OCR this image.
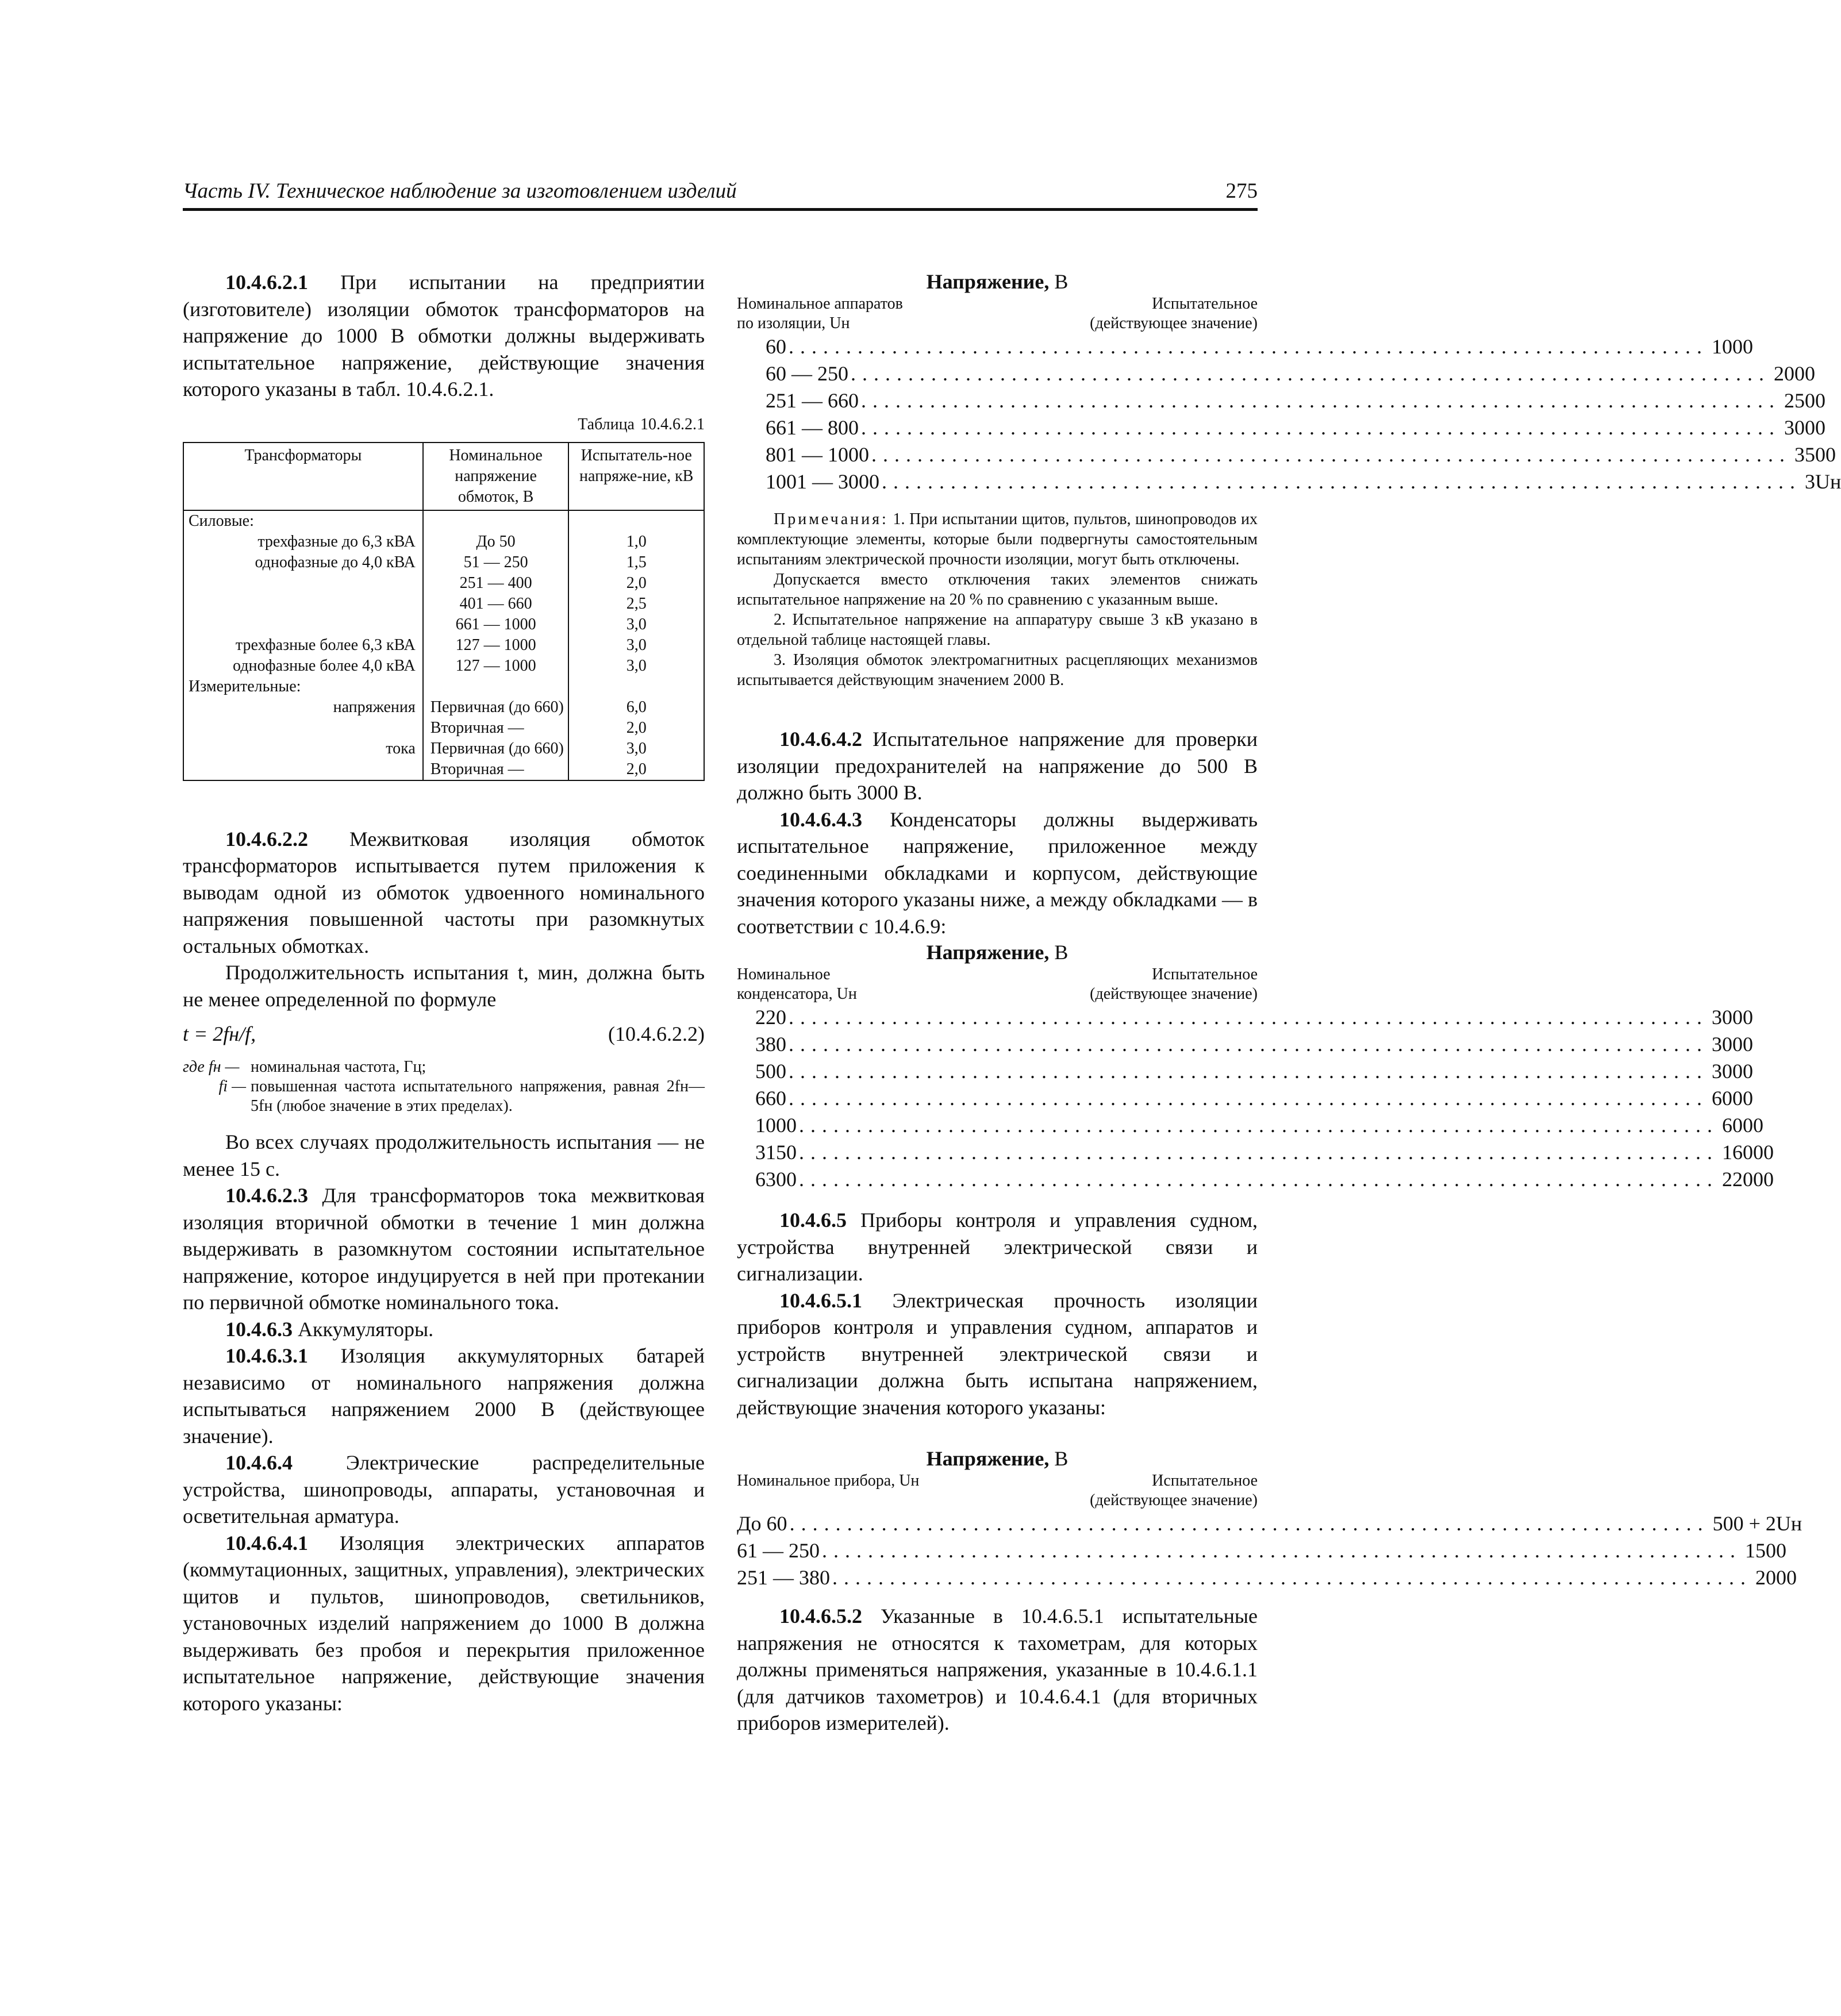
Часть IV. Техническое наблюдение за изготовлением изделий	275

10.4.6.2.1 При испытании на предприятии (изготовителе) изоляции обмоток трансформаторов на напряжение до 1000 В обмотки должны выдерживать испытательное напряжение, действующие значения которого указаны в табл. 10.4.6.2.1.

Таблица 10.4.6.2.1
Трансформаторы	Номинальное напряжение обмоток, В	Испытатель-ное напряже-ние, кВ
Силовые:		
трехфазные до 6,3 кВА	До 50	1,0
однофазные до 4,0 кВА	51 — 250	1,5
	251 — 400	2,0
	401 — 660	2,5
	661 — 1000	3,0
трехфазные более 6,3 кВА	127 — 1000	3,0
однофазные более 4,0 кВА	127 — 1000	3,0
Измерительные:		
напряжения	Первичная (до 660)	6,0
	Вторичная —	2,0
тока	Первичная (до 660)	3,0
	Вторичная —	2,0

10.4.6.2.2 Межвитковая изоляция обмоток трансформаторов испытывается путем приложения к выводам одной из обмоток удвоенного номинального напряжения повышенной частоты при разомкнутых остальных обмотках.

Продолжительность испытания t, мин, должна быть не менее определенной по формуле

t = 2fн/f,	(10.4.6.2.2)
где fн — номинальная частота, Гц;
fi — повышенная частота испытательного напряжения, равная 2fн—5fн (любое значение в этих пределах).

Во всех случаях продолжительность испытания — не менее 15 с.

10.4.6.2.3 Для трансформаторов тока межвитковая изоляция вторичной обмотки в течение 1 мин должна выдерживать в разомкнутом состоянии испытательное напряжение, которое индуцируется в ней при протекании по первичной обмотке номинального тока.

10.4.6.3 Аккумуляторы.

10.4.6.3.1 Изоляция аккумуляторных батарей независимо от номинального напряжения должна испытываться напряжением 2000 В (действующее значение).

10.4.6.4	Электрические распределительные устройства, шинопроводы, аппараты, установочная и осветительная арматура.

10.4.6.4.1 Изоляция электрических аппаратов (коммутационных, защитных, управления), электрических щитов и пультов, шинопроводов, светильников, установочных изделий напряжением до 1000 В должна выдерживать без пробоя и перекрытия приложенное испытательное напряжение, действующие значения которого указаны:

Напряжение, В
Номинальное аппаратов
по изоляции, Uн
Испытательное
(действующее значение)
60 ................................................................................ 1000
60 — 250 ................................................................................ 2000
251 — 660 ................................................................................ 2500
661 — 800 ................................................................................ 3000
801 — 1000 ................................................................................ 3500
1001 — 3000 ................................................................................ 3Uн

Примечания: 1. При испытании щитов, пультов, шинопроводов их комплектующие элементы, которые были подвергнуты самостоятельным испытаниям электрической прочности изоляции, могут быть отключены.

Допускается вместо отключения таких элементов снижать испытательное напряжение на 20 % по сравнению с указанным выше.

2. Испытательное напряжение на аппаратуру свыше 3 кВ указано в отдельной таблице настоящей главы.

3. Изоляция обмоток электромагнитных расцепляющих механизмов испытывается действующим значением 2000 В.

10.4.6.4.2 Испытательное напряжение для проверки изоляции предохранителей на напряжение до 500 В должно быть 3000 В.

10.4.6.4.3 Конденсаторы должны выдерживать испытательное напряжение, приложенное между соединенными обкладками и корпусом, действующие значения которого указаны ниже, а между обкладками — в соответствии с 10.4.6.9:

Напряжение, В
Номинальное
конденсатора, Uн
Испытательное
(действующее значение)
220 ................................................................................ 3000
380 ................................................................................ 3000
500 ................................................................................ 3000
660 ................................................................................ 6000
1000 ................................................................................ 6000
3150 ................................................................................ 16000
6300 ................................................................................ 22000

10.4.6.5 Приборы контроля и управления судном, устройства внутренней электрической связи и сигнализации.

10.4.6.5.1 Электрическая прочность изоляции приборов контроля и управления судном, аппаратов и устройств внутренней электрической связи и сигнализации должна быть испытана напряжением, действующие значения которого указаны:

Напряжение, В
Номинальное прибора, Uн	Испытательное
(действующее значение)
До 60 ................................................................................ 500 + 2Uн
61 — 250 ................................................................................ 1500
251 — 380 ................................................................................ 2000

10.4.6.5.2 Указанные в 10.4.6.5.1 испытательные напряжения не относятся к тахометрам, для которых должны применяться напряжения, указанные в 10.4.6.1.1 (для датчиков тахометров) и 10.4.6.4.1 (для вторичных приборов измерителей).
